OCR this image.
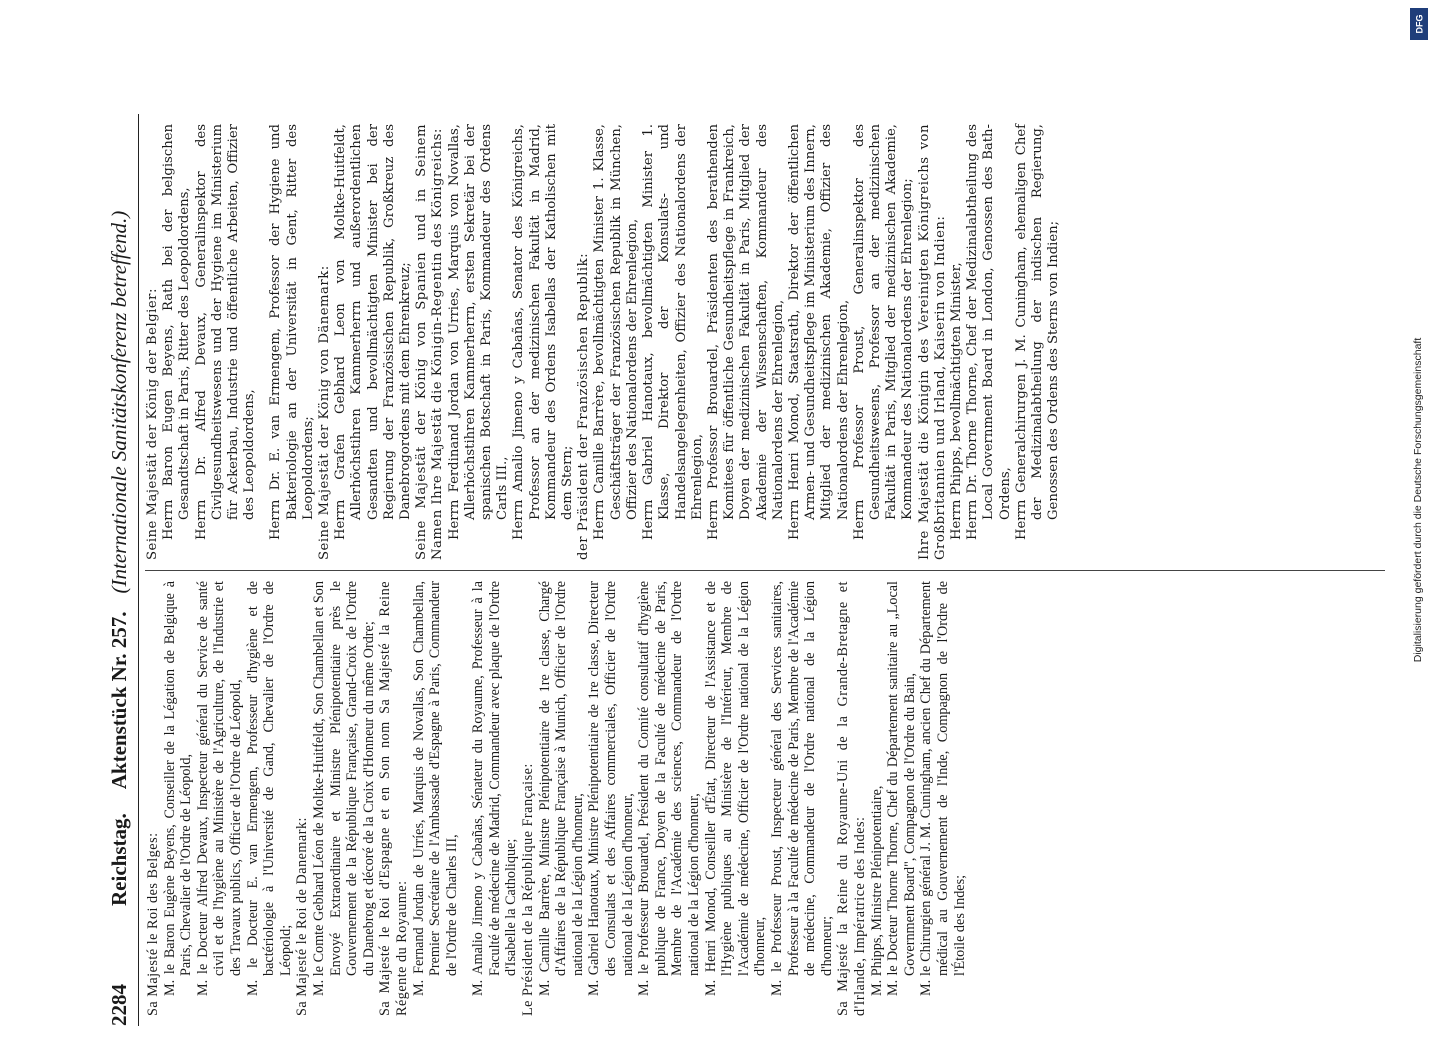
2284
Reichstag.
Aktenstück Nr. 257.
(Internationale Sanitätskonferenz betreffend.)

Sa Majesté le Roi des Belges: M. le Baron Eugène Beyens, Conseiller de la Légation de Belgique à Paris, Chevalier de l'Ordre de Léopold, M. le Docteur Alfred Devaux, Inspecteur général du Service de santé civil et de l'hygiène au Ministère de l'Agriculture, de l'Industrie et des Travaux publics, Officier de l'Ordre de Léopold, M. le Docteur E. van Ermengem, Professeur d'hygiène et de bactériologie à l'Université de Gand, Chevalier de l'Ordre de Léopold; Sa Majesté le Roi de Danemark: M. le Comte Gebhard Léon de Moltke-Huitfeldt, Son Chambellan et Son Envoyé Extraordinaire et Ministre Plénipotentiaire près le Gouvernement de la République Française, Grand-Croix de l'Ordre du Danebrog et décoré de la Croix d'Honneur du même Ordre; Sa Majesté le Roi d'Espagne et en Son nom Sa Majesté la Reine Régente du Royaume: M. Fernand Jordan de Urríes, Marquis de Novallas, Son Chambellan, Premier Secrétaire de l'Ambassade d'Espagne à Paris, Commandeur de l'Ordre de Charles III, M. Amalio Jimeno y Cabañas, Sénateur du Royaume, Professeur à la Faculté de médecine de Madrid, Commandeur avec plaque de l'Ordre d'Isabelle la Catholique; Le Président de la République Française: M. Camille Barrère, Ministre Plénipotentiaire de 1re classe, Chargé d'Affaires de la République Française à Munich, Officier de l'Ordre national de la Légion d'honneur, M. Gabriel Hanotaux, Ministre Plénipotentiaire de 1re classe, Directeur des Consulats et des Affaires commerciales, Officier de l'Ordre national de la Légion d'honneur, M. le Professeur Brouardel, Président du Comité consultatif d'hygiène publique de France, Doyen de la Faculté de médecine de Paris, Membre de l'Académie des sciences, Commandeur de l'Ordre national de la Légion d'honneur, M. Henri Monod, Conseiller d'État, Directeur de l'Assistance et de l'Hygiène publiques au Ministère de l'Intérieur, Membre de l'Académie de médecine, Officier de l'Ordre national de la Légion d'honneur, M. le Professeur Proust, Inspecteur général des Services sanitaires, Professeur à la Faculté de médecine de Paris, Membre de l'Académie de médecine, Commandeur de l'Ordre national de la Légion d'honneur; Sa Majesté la Reine du Royaume-Uni de la Grande-Bretagne et d'Irlande, Impératrice des Indes: M. Phipps, Ministre Plénipotentiaire, M. le Docteur Thorne Thorne, Chef du Département sanitaire au „Local Government Board", Compagnon de l'Ordre du Bain, M. le Chirurgien général J. M. Cuningham, ancien Chef du Département médical au Gouvernement de l'Inde, Compagnon de l'Ordre de l'Étoile des Indes;

Seine Majestät der König der Belgier: Herrn Baron Eugen Beyens, Rath bei der belgischen Gesandtschaft in Paris, Ritter des Leopoldordens, Herrn Dr. Alfred Devaux, Generalinspektor des Civilgesundheitswesens und der Hygiene im Ministerium für Ackerbau, Industrie und öffentliche Arbeiten, Offizier des Leopoldordens, Herrn Dr. E. van Ermengem, Professor der Hygiene und Bakteriologie an der Universität in Gent, Ritter des Leopoldordens; Seine Majestät der König von Dänemark: Herrn Grafen Gebhard Leon von Moltke-Huitfeldt, Allerhöchstihren Kammerherrn und außerordentlichen Gesandten und bevollmächtigten Minister bei der Regierung der Französischen Republik, Großkreuz des Danebrogordens mit dem Ehrenkreuz; Seine Majestät der König von Spanien und in Seinem Namen Ihre Majestät die Königin-Regentin des Königreichs: Herrn Ferdinand Jordan von Urries, Marquis von Novallas, Allerhöchstihren Kammerherrn, ersten Sekretär bei der spanischen Botschaft in Paris, Kommandeur des Ordens Carls III., Herrn Amalio Jimeno y Cabañas, Senator des Königreichs, Professor an der medizinischen Fakultät in Madrid, Kommandeur des Ordens Isabellas der Katholischen mit dem Stern; der Präsident der Französischen Republik: Herrn Camille Barrère, bevollmächtigten Minister 1. Klasse, Geschäftsträger der Französischen Republik in München, Offizier des Nationalordens der Ehrenlegion, Herrn Gabriel Hanotaux, bevollmächtigten Minister 1. Klasse, Direktor der Konsulats- und Handelsangelegenheiten, Offizier des Nationalordens der Ehrenlegion, Herrn Professor Brouardel, Präsidenten des berathenden Komitees für öffentliche Gesundheitspflege in Frankreich, Doyen der medizinischen Fakultät in Paris, Mitglied der Akademie der Wissenschaften, Kommandeur des Nationalordens der Ehrenlegion, Herrn Henri Monod, Staatsrath, Direktor der öffentlichen Armen- und Gesundheitspflege im Ministerium des Innern, Mitglied der medizinischen Akademie, Offizier des Nationalordens der Ehrenlegion, Herrn Professor Proust, Generalinspektor des Gesundheitswesens, Professor an der medizinischen Fakultät in Paris, Mitglied der medizinischen Akademie, Kommandeur des Nationalordens der Ehrenlegion; Ihre Majestät die Königin des Vereinigten Königreichs von Großbritannien und Irland, Kaiserin von Indien: Herrn Phipps, bevollmächtigten Minister, Herrn Dr. Thorne Thorne, Chef der Medizinalabtheilung des Local Government Board in London, Genossen des Bath-Ordens, Herrn Generalchirurgen J. M. Cuningham, ehemaligen Chef der Medizinalabtheilung der indischen Regierung, Genossen des Ordens des Sterns von Indien;

DFG
Digitalisierung gefördert durch die Deutsche Forschungsgemeinschaft
